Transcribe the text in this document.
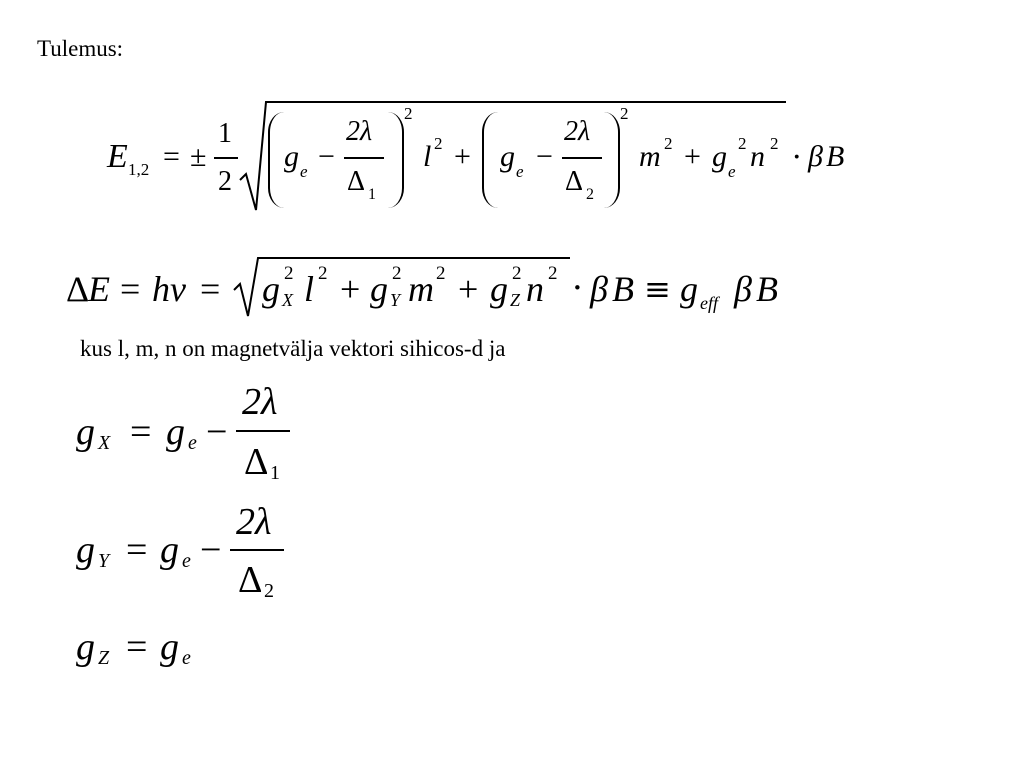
Tulemus:
E 1,2 = ±
1
2
g e −
2λ
Δ 1
2
l 2 + g e −
2λ
Δ 2
2
m 2 + g e
2 n 2 · β B
Δ
E = h ν = g 2
X l 2 + g 2
Y m 2 + g 2
Z n 2 · β B ≡ g eff β B
kus l, m, n on magnetvälja vektori sihicos-d ja
g X = g e −
2λ
Δ 1
g Y = g e −
2λ
Δ 2
g Z = g e
